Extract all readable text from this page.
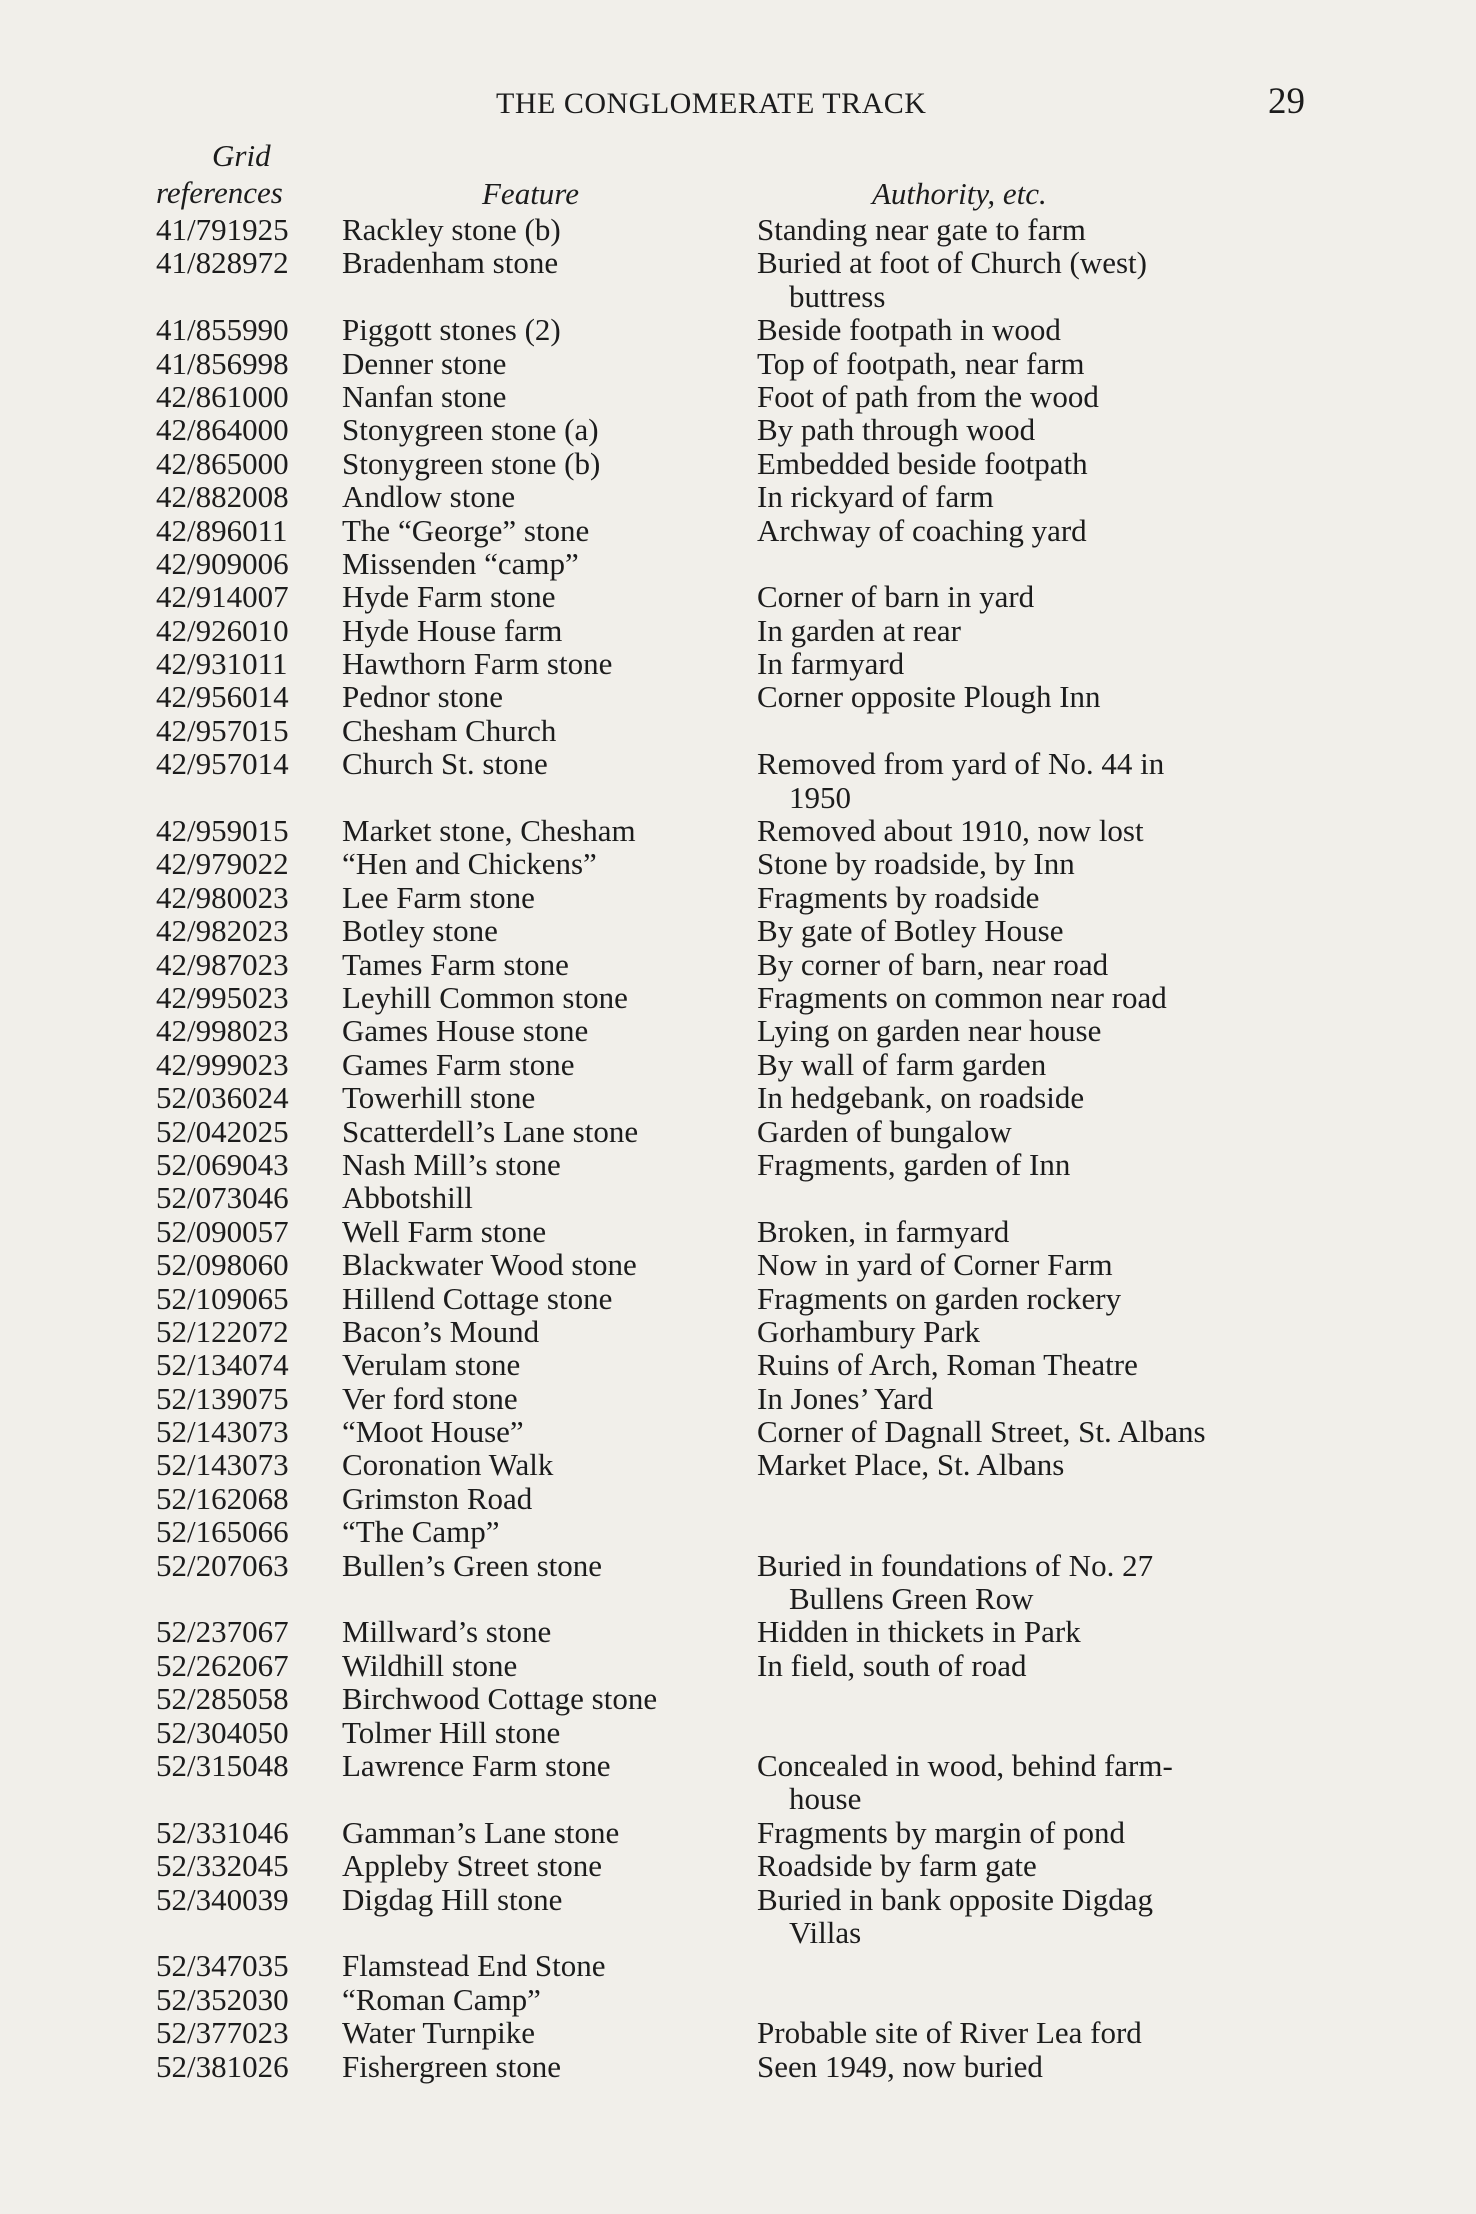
THE CONGLOMERATE TRACK	29
Grid
references	Feature	Authority, etc.
41/791925 Rackley stone (b)	Standing near gate to farm
41/828972 Bradenham stone	Buried at foot of Church (west)
buttress
41/855990 Piggott stones (2)	Beside footpath in wood
41/856998 Denner stone	Top of footpath, near farm
42/861000 Nanfan stone	Foot of path from the wood
42/864000 Stonygreen stone (a)	By path through wood
42/865000 Stonygreen stone (b)	Embedded beside footpath
42/882008 Andlow stone	In rickyard of farm
42/896011 The “George” stone	Archway of coaching yard
42/909006 Missenden “camp”
42/914007 Hyde Farm stone	Corner of barn in yard
42/926010 Hyde House farm	In garden at rear
42/931011 Hawthorn Farm stone	In farmyard
42/956014 Pednor stone	Corner opposite Plough Inn
42/957015 Chesham Church
42/957014 Church St. stone	Removed from yard of No. 44 in
1950
42/959015 Market stone, Chesham	Removed about 1910, now lost
42/979022 “Hen and Chickens”	Stone by roadside, by Inn
42/980023 Lee Farm stone	Fragments by roadside
42/982023 Botley stone	By gate of Botley House
42/987023 Tames Farm stone	By corner of barn, near road
42/995023 Leyhill Common stone	Fragments on common near road
42/998023 Games House stone	Lying on garden near house
42/999023 Games Farm stone	By wall of farm garden
52/036024 Towerhill stone	In hedgebank, on roadside
52/042025 Scatterdell’s Lane stone	Garden of bungalow
52/069043 Nash Mill’s stone	Fragments, garden of Inn
52/073046 Abbotshill
52/090057 Well Farm stone	Broken, in farmyard
52/098060 Blackwater Wood stone	Now in yard of Corner Farm
52/109065 Hillend Cottage stone	Fragments on garden rockery
52/122072 Bacon’s Mound	Gorhambury Park
52/134074 Verulam stone	Ruins of Arch, Roman Theatre
52/139075 Ver ford stone	In Jones’ Yard
52/143073 “Moot House”	Corner of Dagnall Street, St. Albans
52/143073 Coronation Walk	Market Place, St. Albans
52/162068 Grimston Road
52/165066 “The Camp”
52/207063 Bullen’s Green stone	Buried in foundations of No. 27
Bullens Green Row
52/237067 Millward’s stone	Hidden in thickets in Park
52/262067 Wildhill stone	In field, south of road
52/285058 Birchwood Cottage stone
52/304050 Tolmer Hill stone
52/315048 Lawrence Farm stone	Concealed in wood, behind farm-
house
52/331046 Gamman’s Lane stone	Fragments by margin of pond
52/332045 Appleby Street stone	Roadside by farm gate
52/340039 Digdag Hill stone	Buried in bank opposite Digdag
Villas
52/347035 Flamstead End Stone
52/352030 “Roman Camp”
52/377023 Water Turnpike	Probable site of River Lea ford
52/381026 Fishergreen stone	Seen 1949, now buried
